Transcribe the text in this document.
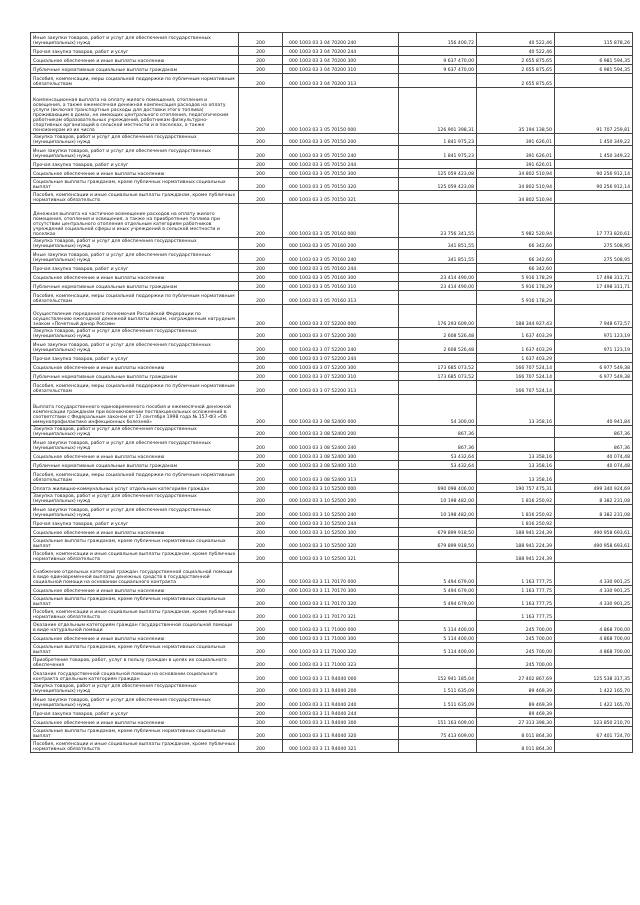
Иные закупки товаров, работ и услуг для обеспечения государственных (муниципальных) нужд	200	000 1003 03 3 04 70200 240	156 400,72	40 522,46	115 878,26
Прочая закупка товаров, работ и услуг	200	000 1003 03 3 04 70200 244		40 522,46	
Социальное обеспечение и иные выплаты населению	200	000 1003 03 3 04 70200 300	9 637 470,00	2 655 875,65	6 981 594,35
Публичные нормативные социальные выплаты гражданам	200	000 1003 03 3 04 70200 310	9 637 470,00	2 655 875,65	6 981 594,35
Пособия, компенсации, меры социальной поддержки по публичным нормативным обязательствам	200	000 1003 03 3 04 70200 313		2 655 875,65	
Компенсационная выплата на оплату жилого помещения, отопления и освещения, а также ежемесячная денежная компенсация расходов на оплату услуги (включая транспортные расходы для доставки этого топлива) проживающим в домах, не имеющих центрального отопления, педагогическим работникам образовательных учреждений, работникам физкультурно-спортивных организаций в сельской местности и в поселках, а также пенсионерам из их числа	200	000 1003 03 3 05 70150 000	126 901 398,31	35 194 138,50	91 707 259,81
Закупка товаров, работ и услуг для обеспечения государственных (муниципальных) нужд	200	000 1003 03 3 05 70150 200	1 841 975,23	391 626,01	1 450 349,22
Иные закупки товаров, работ и услуг для обеспечения государственных (муниципальных) нужд	200	000 1003 03 3 05 70150 240	1 841 975,23	391 626,01	1 450 349,22
Прочая закупка товаров, работ и услуг	200	000 1003 03 3 05 70150 244		391 626,01	
Социальное обеспечение и иные выплаты населению	200	000 1003 03 3 05 70150 300	125 059 423,08	34 802 510,94	90 256 912,14
Социальные выплаты гражданам, кроме публичных нормативных социальных выплат	200	000 1003 03 3 05 70150 320	125 059 423,08	34 802 510,94	90 256 912,14
Пособия, компенсации и иные социальные выплаты гражданам, кроме публичных нормативных обязательств	200	000 1003 03 3 05 70150 321		34 802 510,94	
Денежная выплата на частичное возмещение расходов на оплату жилого помещения, отопления и освещения, а также на приобретение топлива при отсутствии центрального отопления отдельным категориям работников учреждений социальной сферы и иных учреждений в сельской местности и поселках	200	000 1003 03 3 05 70160 000	23 756 341,55	5 982 520,94	17 773 820,61
Закупка товаров, работ и услуг для обеспечения государственных (муниципальных) нужд	200	000 1003 03 3 05 70160 200	341 851,55	66 342,60	275 508,95
Иные закупки товаров, работ и услуг для обеспечения государственных (муниципальных) нужд	200	000 1003 03 3 05 70160 240	341 851,55	66 342,60	275 508,95
Прочая закупка товаров, работ и услуг	200	000 1003 03 3 05 70160 244		66 342,60	
Социальное обеспечение и иные выплаты населению	200	000 1003 03 3 05 70160 300	23 414 490,00	5 916 178,29	17 498 311,71
Публичные нормативные социальные выплаты гражданам	200	000 1003 03 3 05 70160 310	23 414 490,00	5 916 178,29	17 498 311,71
Пособия, компенсации, меры социальной поддержки по публичным нормативным обязательствам	200	000 1003 03 3 05 70160 313		5 916 178,29	
Осуществление переданного полномочия Российской Федерации по осуществлению ежегодной денежной выплаты лицам, награжденным нагрудным знаком «Почетный донор России»	200	000 1003 03 3 07 52200 000	176 293 609,00	188 344 927,43	7 948 672,57
Закупка товаров, работ и услуг для обеспечения государственных (муниципальных) нужд	200	000 1003 03 3 07 52200 200	2 608 526,48	1 637 403,29	971 123,19
Иные закупки товаров, работ и услуг для обеспечения государственных (муниципальных) нужд	200	000 1003 03 3 07 52200 240	2 608 526,48	1 637 403,29	971 123,19
Прочая закупка товаров, работ и услуг	200	000 1003 03 3 07 52200 244		1 637 403,29	
Социальное обеспечение и иные выплаты населению	200	000 1003 03 3 07 52200 300	173 685 073,52	166 707 524,14	6 977 549,38
Публичные нормативные социальные выплаты гражданам	200	000 1003 03 3 07 52200 310	173 685 073,52	166 707 524,14	6 977 549,38
Пособия, компенсации, меры социальной поддержки по публичным нормативным обязательствам	200	000 1003 03 3 07 52200 313		166 707 524,14	
Выплата государственного единовременного пособия и ежемесячной денежной компенсации гражданам при возникновении поствакцинальных осложнений в соответствии с Федеральным законом от 17 сентября 1998 года № 157-ФЗ «Об иммунопрофилактике инфекционных болезней»	200	000 1003 03 3 08 52400 000	54 300,00	13 358,16	40 941,84
Закупка товаров, работ и услуг для обеспечения государственных (муниципальных) нужд	200	000 1003 03 3 08 52400 200	867,36		867,36
Иные закупки товаров, работ и услуг для обеспечения государственных (муниципальных) нужд	200	000 1003 03 3 08 52400 240	867,36		867,36
Социальное обеспечение и иные выплаты населению	200	000 1003 03 3 08 52400 300	53 432,64	13 358,16	40 074,48
Публичные нормативные социальные выплаты гражданам	200	000 1003 03 3 08 52400 310	53 432,64	13 358,16	40 074,48
Пособия, компенсации, меры социальной поддержки по публичным нормативным обязательствам	200	000 1003 03 3 08 52400 313		13 358,16	
Оплата жилищно-коммунальных услуг отдельным категориям граждан	200	000 1003 03 3 10 52500 000	690 098 406,00	190 757 475,31	499 340 924,69
Закупка товаров, работ и услуг для обеспечения государственных (муниципальных) нужд	200	000 1003 03 3 10 52500 200	10 198 482,00	1 816 250,92	8 382 231,08
Иные закупки товаров, работ и услуг для обеспечения государственных (муниципальных) нужд	200	000 1003 03 3 10 52500 240	10 198 482,00	1 816 250,92	8 382 231,08
Прочая закупка товаров, работ и услуг	200	000 1003 03 3 10 52500 244		1 816 250,92	
Социальное обеспечение и иные выплаты населению	200	000 1003 03 3 10 52500 300	679 899 918,50	188 941 224,39	490 958 693,61
Социальные выплаты гражданам, кроме публичных нормативных социальных выплат	200	000 1003 03 3 10 52500 320	679 899 918,50	188 941 224,39	490 958 693,61
Пособия, компенсации и иные социальные выплаты гражданам, кроме публичных нормативных обязательств	200	000 1003 03 3 10 52500 321		188 941 224,39	
Снабжение отдельных категорий граждан государственной социальной помощи в виде единовременной выплаты денежных средств в государственной социальной помощи на основании социального контракта	200	000 1003 03 3 11 70170 000	5 494 679,00	1 163 777,75	4 330 901,25
Социальное обеспечение и иные выплаты населению	200	000 1003 03 3 11 70170 300	5 494 679,00	1 163 777,75	4 330 901,25
Социальные выплаты гражданам, кроме публичных нормативных социальных выплат	200	000 1003 03 3 11 70170 320	5 494 679,00	1 163 777,75	4 330 901,25
Пособия, компенсации и иные социальные выплаты гражданам, кроме публичных нормативных обязательств	200	000 1003 03 3 11 70170 321		1 163 777,75	
Оказание отдельным категориям граждан государственной социальной помощи в виде натуральной помощи	200	000 1003 03 3 11 71000 000	5 114 400,00	245 700,00	4 868 700,00
Социальное обеспечение и иные выплаты населению	200	000 1003 03 3 11 71000 300	5 114 400,00	245 700,00	4 868 700,00
Социальные выплаты гражданам, кроме публичных нормативных социальных выплат	200	000 1003 03 3 11 71000 320	5 114 400,00	245 700,00	4 868 700,00
Приобретение товаров, работ, услуг в пользу граждан в целях их социального обеспечения	200	000 1003 03 3 11 71000 323		245 700,00	
Оказание государственной социальной помощи на основании социального контракта отдельным категориям граждан	200	000 1003 03 3 11 R4040 000	152 941 185,04	27 402 867,69	125 538 317,35
Закупка товаров, работ и услуг для обеспечения государственных (муниципальных) нужд	200	000 1003 03 3 11 R4040 200	1 511 635,09	89 469,39	1 422 165,70
Иные закупки товаров, работ и услуг для обеспечения государственных (муниципальных) нужд	200	000 1003 03 3 11 R4040 240	1 511 635,09	89 469,39	1 422 165,70
Прочая закупка товаров, работ и услуг	200	000 1003 03 3 11 R4040 244		89 469,39	
Социальное обеспечение и иные выплаты населению	200	000 1003 03 3 11 R4040 300	151 163 609,00	27 313 398,30	123 850 210,70
Социальные выплаты гражданам, кроме публичных нормативных социальных выплат	200	000 1003 03 3 11 R4040 320	75 413 609,00	8 011 864,30	67 401 724,70
Пособия, компенсации и иные социальные выплаты гражданам, кроме публичных нормативных обязательств	200	000 1003 03 3 11 R4040 321		8 011 864,30	
